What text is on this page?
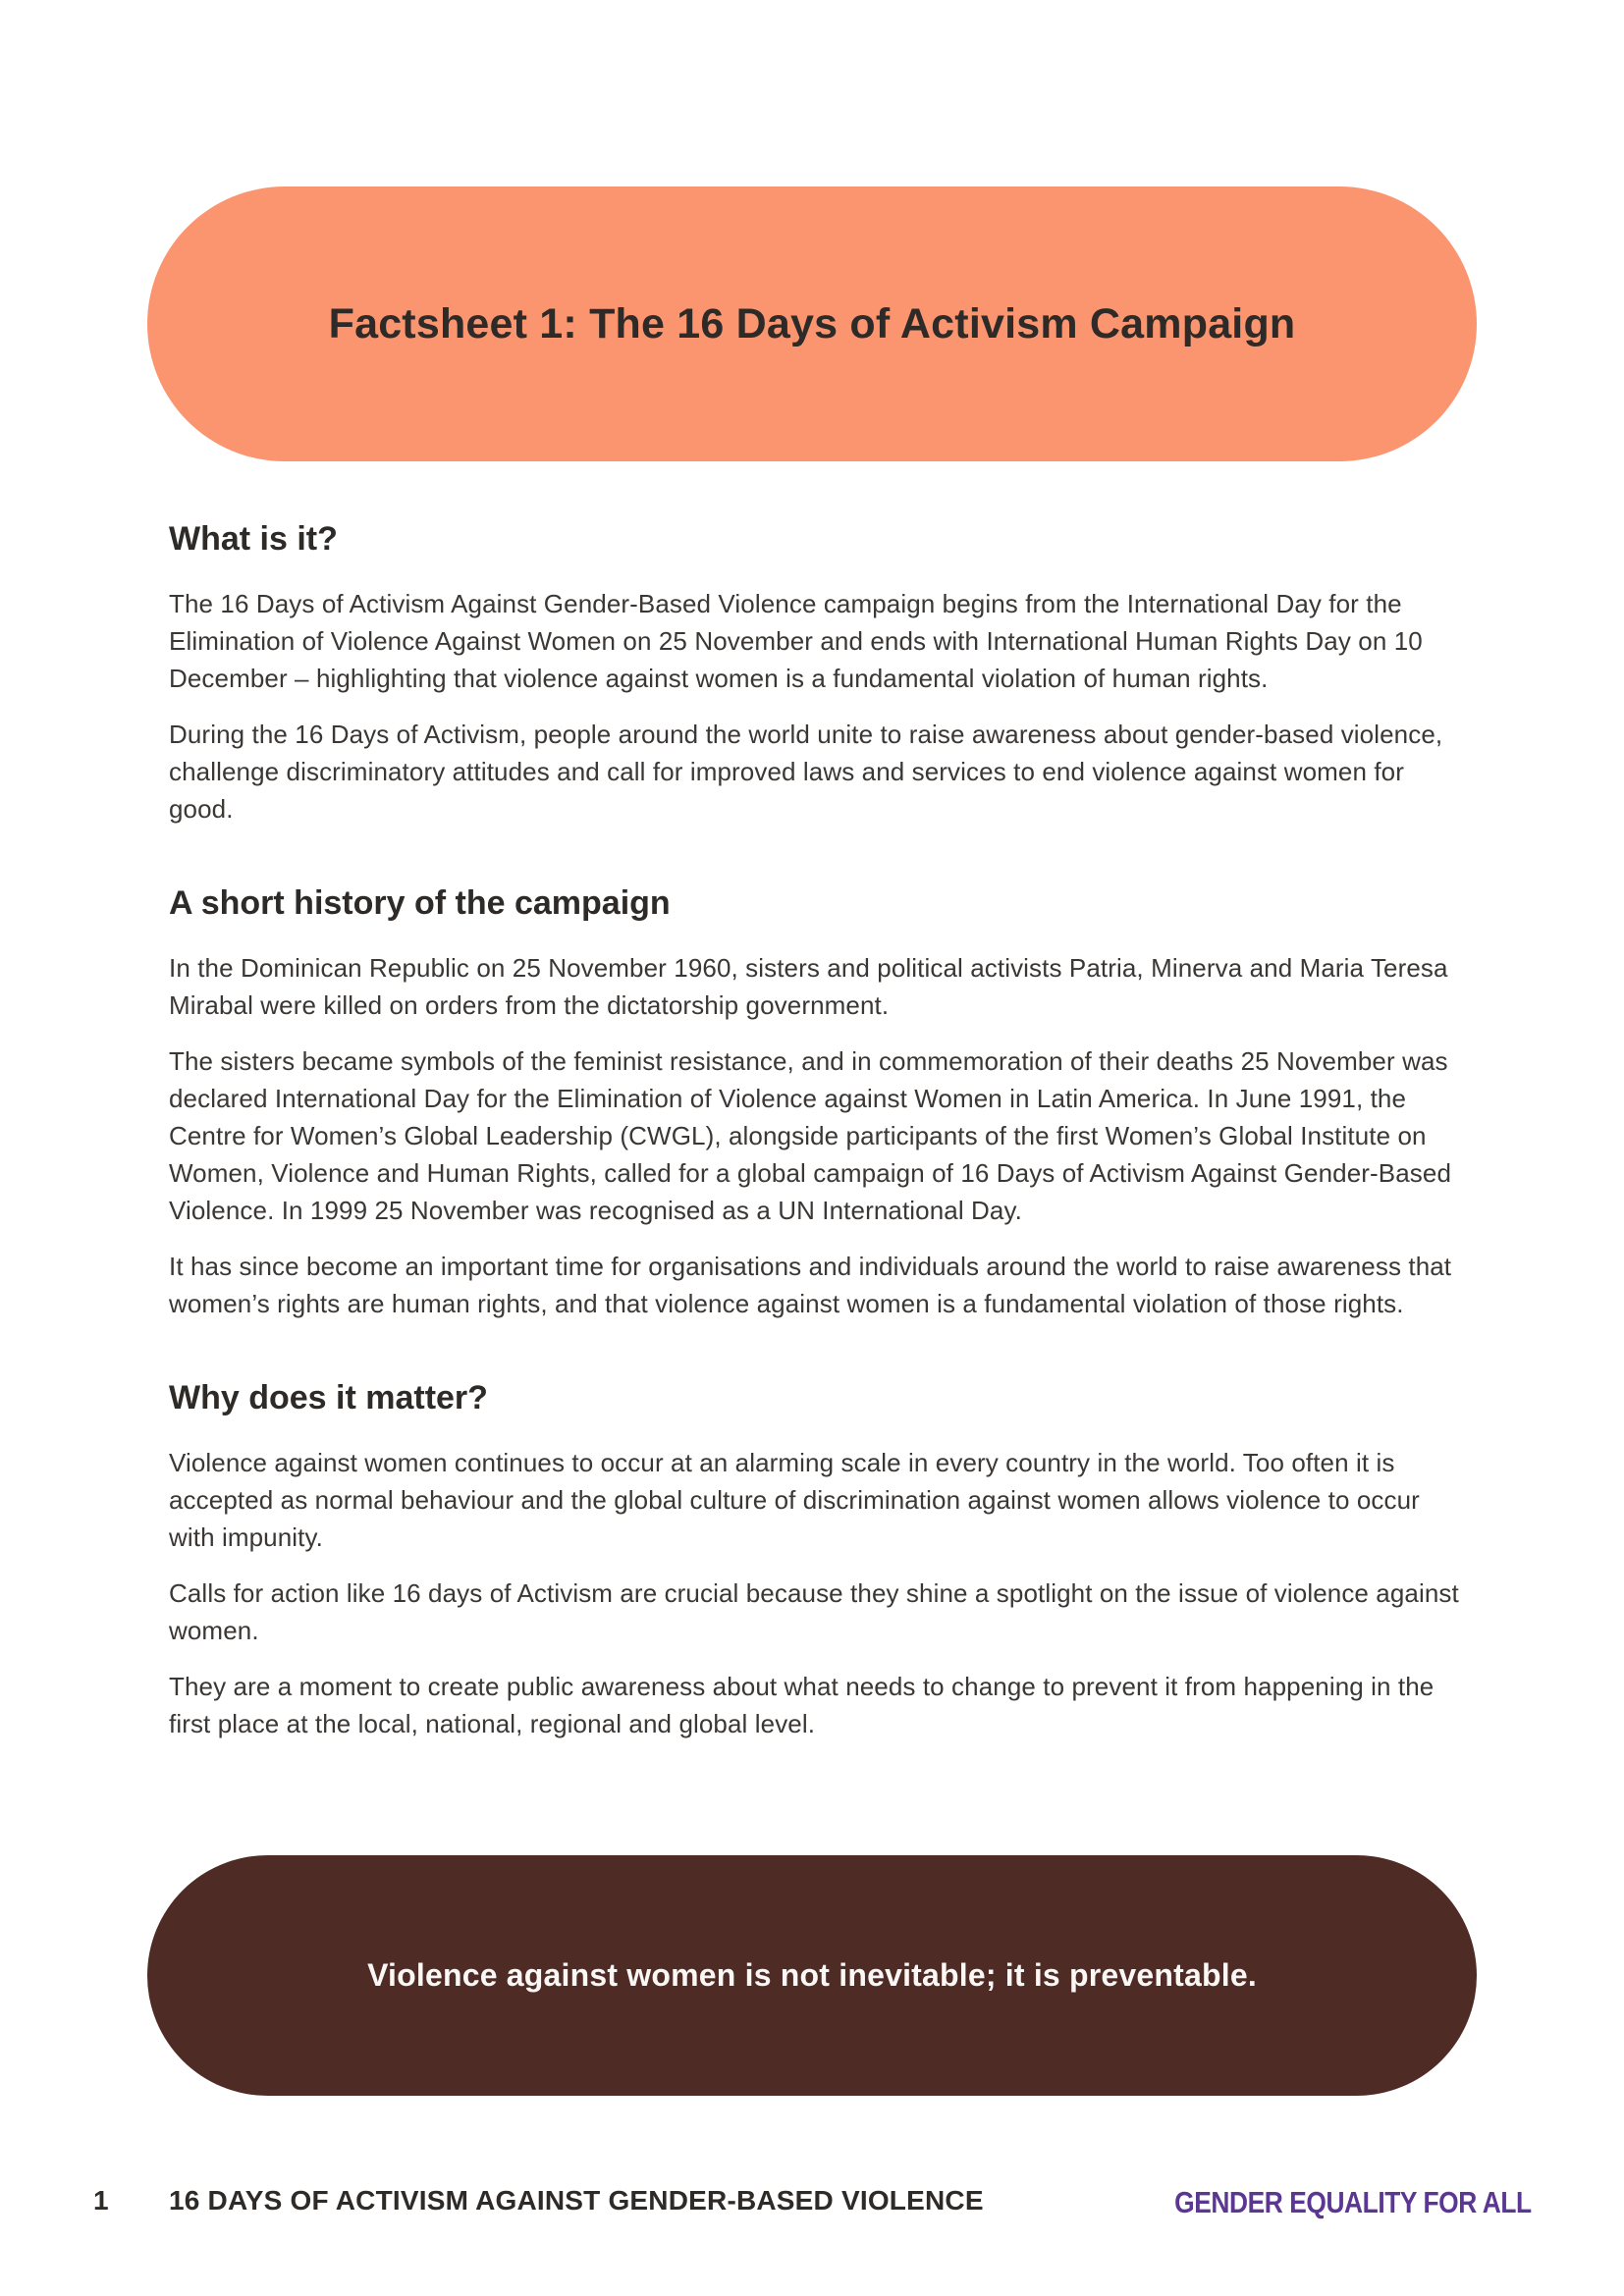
Factsheet 1: The 16 Days of Activism Campaign
What is it?

The 16 Days of Activism Against Gender-Based Violence campaign begins from the International Day for the Elimination of Violence Against Women on 25 November and ends with International Human Rights Day on 10 December – highlighting that violence against women is a fundamental violation of human rights.

During the 16 Days of Activism, people around the world unite to raise awareness about gender-based violence, challenge discriminatory attitudes and call for improved laws and services to end violence against women for good.

A short history of the campaign

In the Dominican Republic on 25 November 1960, sisters and political activists Patria, Minerva and Maria Teresa Mirabal were killed on orders from the dictatorship government.

The sisters became symbols of the feminist resistance, and in commemoration of their deaths 25 November was declared International Day for the Elimination of Violence against Women in Latin America. In June 1991, the Centre for Women’s Global Leadership (CWGL), alongside participants of the first Women’s Global Institute on Women, Violence and Human Rights, called for a global campaign of 16 Days of Activism Against Gender-Based Violence. In 1999 25 November was recognised as a UN International Day.

It has since become an important time for organisations and individuals around the world to raise awareness that women’s rights are human rights, and that violence against women is a fundamental violation of those rights.

Why does it matter?

Violence against women continues to occur at an alarming scale in every country in the world. Too often it is accepted as normal behaviour and the global culture of discrimination against women allows violence to occur with impunity.

Calls for action like 16 days of Activism are crucial because they shine a spotlight on the issue of violence against women.

They are a moment to create public awareness about what needs to change to prevent it from happening in the first place at the local, national, regional and global level.

Violence against women is not inevitable; it is preventable.
1 16 DAYS OF ACTIVISM AGAINST GENDER-BASED VIOLENCE	GENDER EQUALITY FOR ALL
